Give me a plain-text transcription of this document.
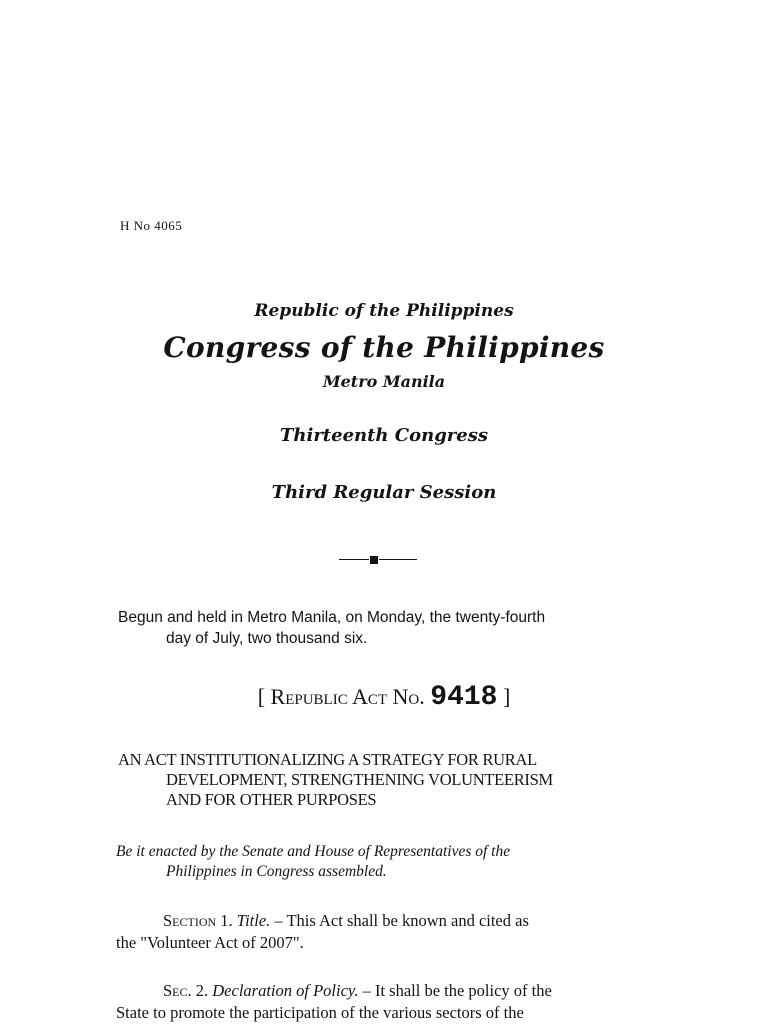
H No 4065
Republic of the Philippines
Congress of the Philippines
Metro Manila
Thirteenth Congress
Third Regular Session
Begun and held in Metro Manila, on Monday, the twenty-fourth
day of July, two thousand six.
[ Republic Act No. 9418 ]
AN ACT INSTITUTIONALIZING A STRATEGY FOR RURAL
DEVELOPMENT, STRENGTHENING VOLUNTEERISM
AND FOR OTHER PURPOSES
Be it enacted by the Senate and House of Representatives of the
Philippines in Congress assembled.
Section 1. Title. – This Act shall be known and cited as
the "Volunteer Act of 2007".
Sec. 2. Declaration of Policy. – It shall be the policy of the
State to promote the participation of the various sectors of the
